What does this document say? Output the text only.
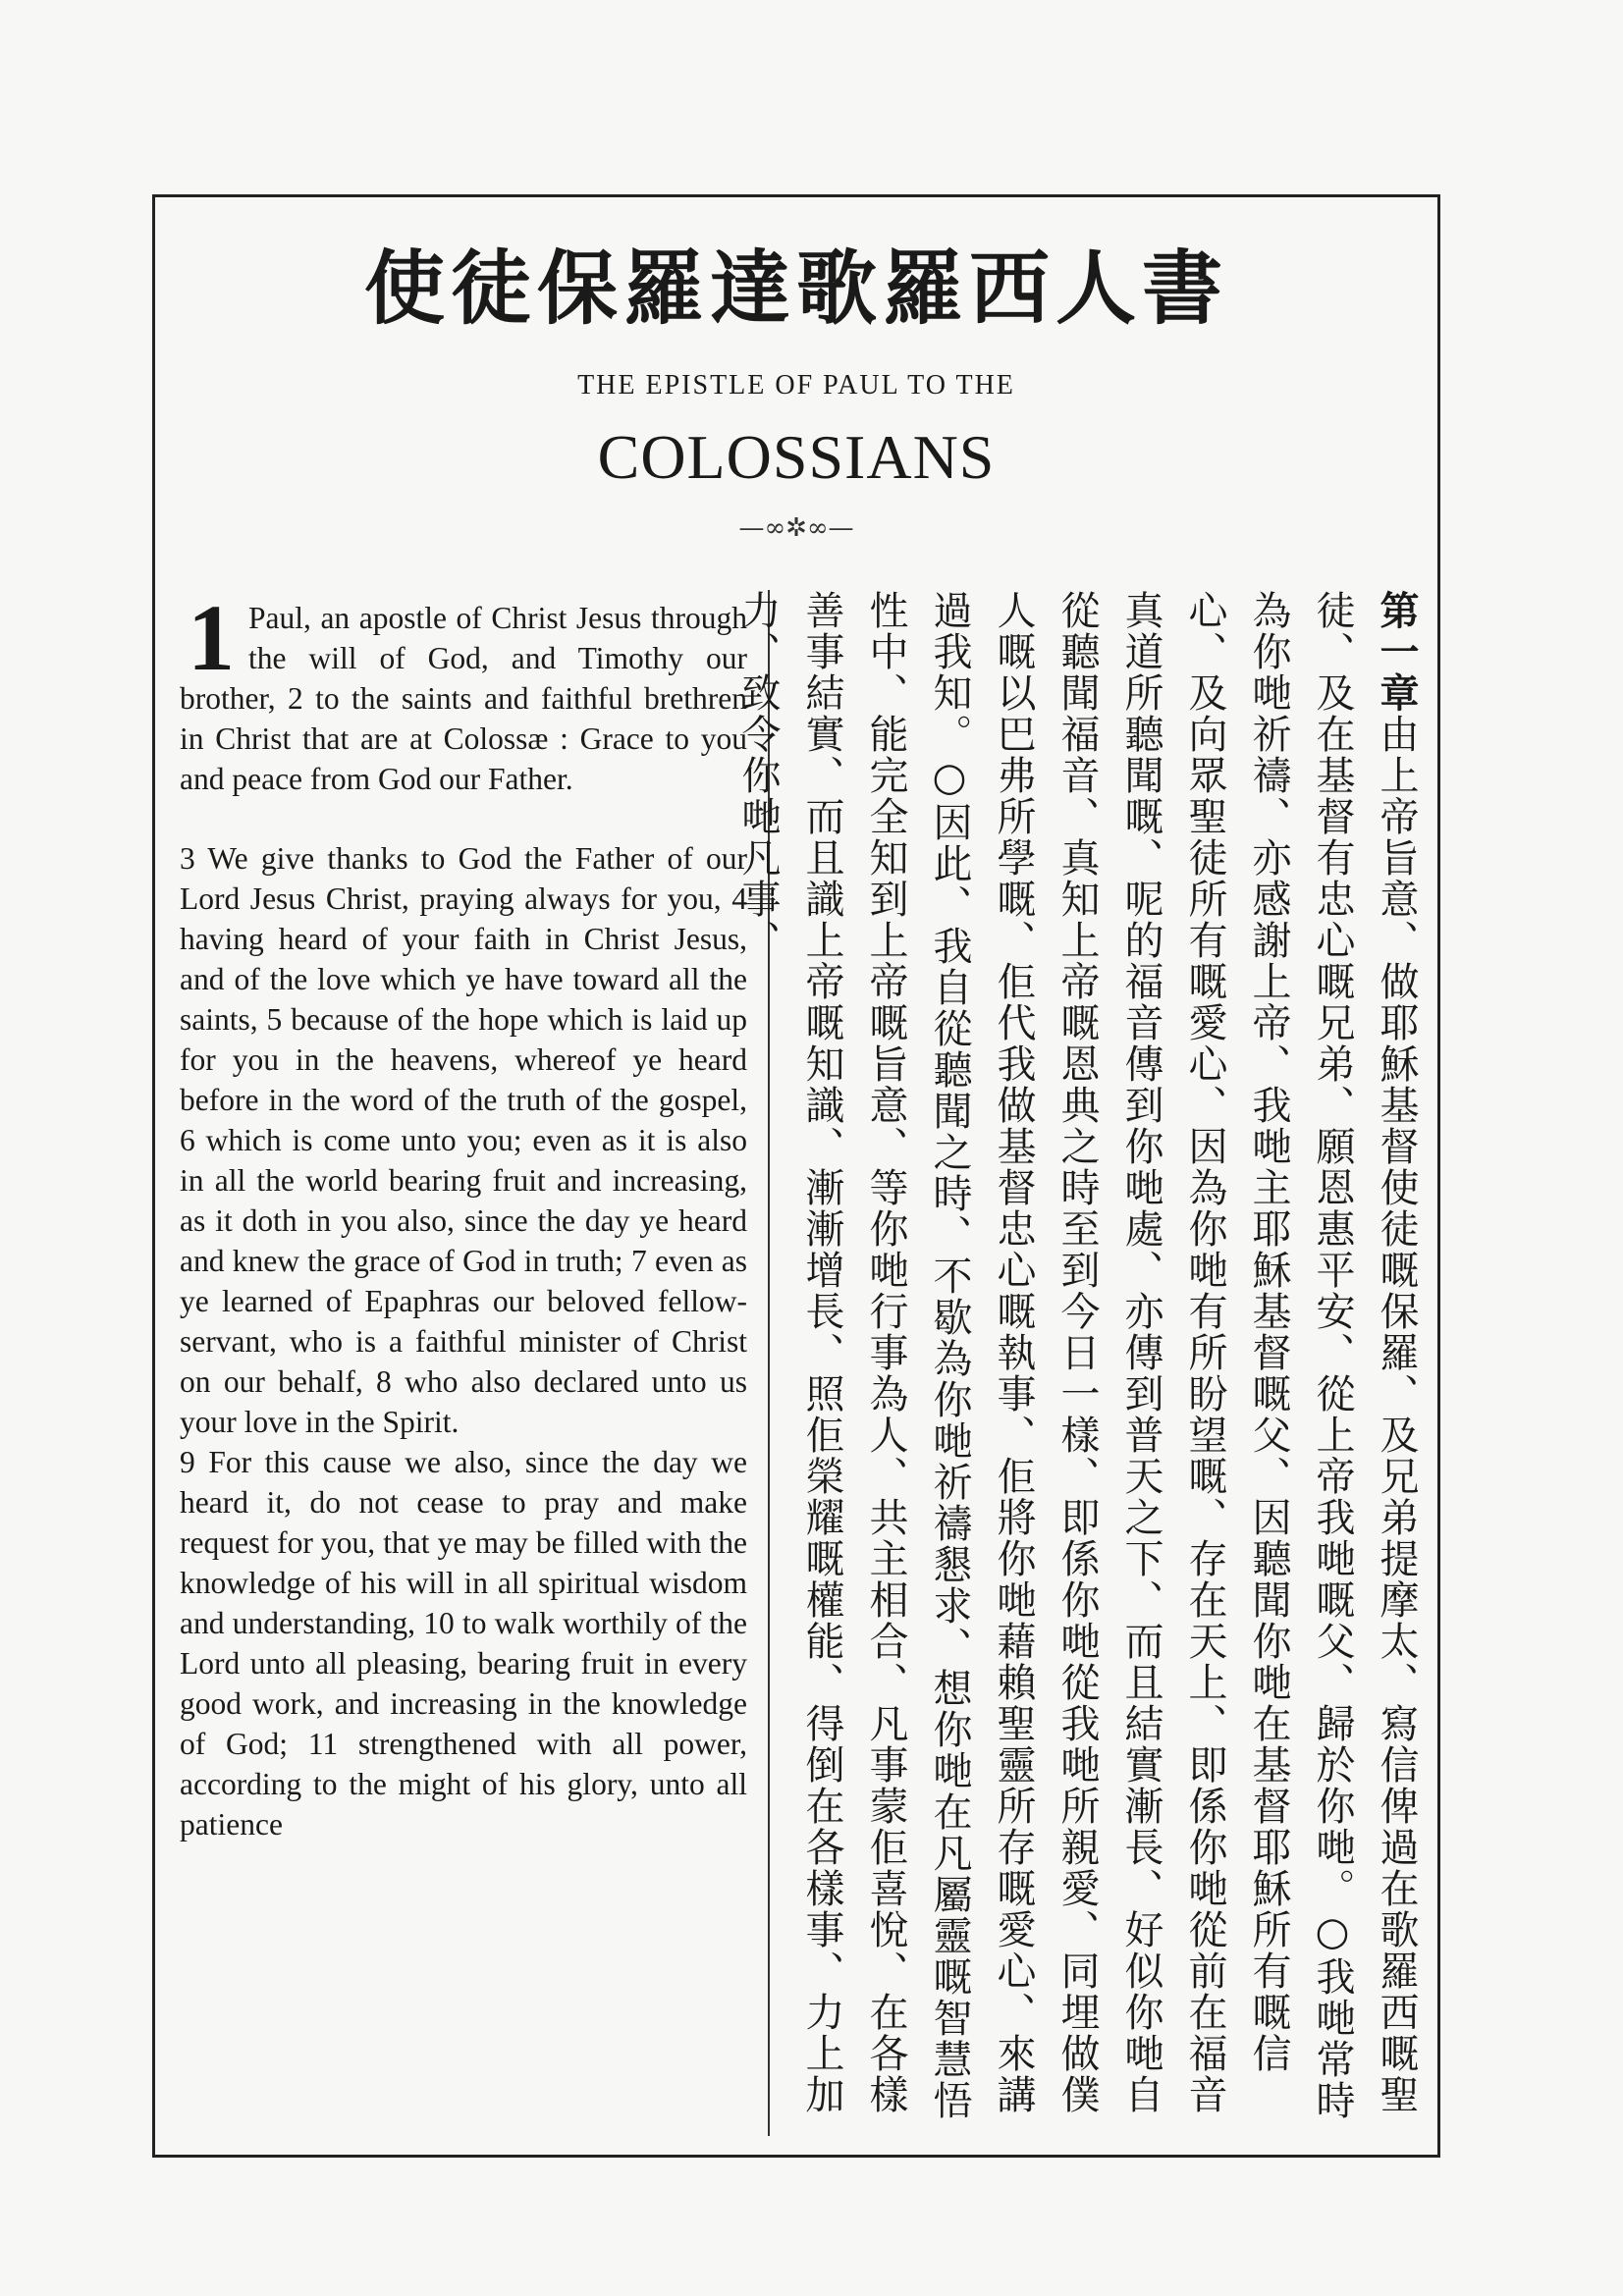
使徒保羅達歌羅西人書
THE EPISTLE OF PAUL TO THE
COLOSSIANS
—∞✲∞—

1 Paul, an apostle of Christ Jesus through the will of God, and Timothy our brother, 2 to the saints and faithful brethren in Christ that are at Colossæ : Grace to you and peace from God our Father.

3 We give thanks to God the Father of our Lord Jesus Christ, praying always for you, 4 having heard of your faith in Christ Jesus, and of the love which ye have toward all the saints, 5 because of the hope which is laid up for you in the heavens, whereof ye heard before in the word of the truth of the gospel, 6 which is come unto you; even as it is also in all the world bearing fruit and increasing, as it doth in you also, since the day ye heard and knew the grace of God in truth; 7 even as ye learned of Epaphras our beloved fellow-servant, who is a faithful minister of Christ on our behalf, 8 who also declared unto us your love in the Spirit.

9 For this cause we also, since the day we heard it, do not cease to pray and make request for you, that ye may be filled with the knowledge of his will in all spiritual wisdom and understanding, 10 to walk worthily of the Lord unto all pleasing, bearing fruit in every good work, and increasing in the knowledge of God; 11 strengthened with all power, according to the might of his glory, unto all patience

第一章由上帝旨意、做耶穌基督使徒嘅保羅、及兄弟提摩太、寫信俾過在歌羅西嘅聖徒、及在基督有忠心嘅兄弟、願恩惠平安、從上帝我哋嘅父、歸於你哋。○我哋常時為你哋祈禱、亦感謝上帝、我哋主耶穌基督嘅父、因聽聞你哋在基督耶穌所有嘅信心、及向眾聖徒所有嘅愛心、因為你哋有所盼望嘅、存在天上、即係你哋從前在福音真道所聽聞嘅、呢的福音傳到你哋處、亦傳到普天之下、而且結實漸長、好似你哋自從聽聞福音、真知上帝嘅恩典之時至到今日一樣、即係你哋從我哋所親愛、同埋做僕人嘅以巴弗所學嘅、佢代我做基督忠心嘅執事、佢將你哋藉賴聖靈所存嘅愛心、來講過我知。○因此、我自從聽聞之時、不歇為你哋祈禱懇求、想你哋在凡屬靈嘅智慧悟性中、能完全知到上帝嘅旨意、等你哋行事為人、共主相合、凡事蒙佢喜悅、在各樣善事結實、而且識上帝嘅知識、漸漸增長、照佢榮耀嘅權能、得倒在各樣事、力上加力、致令你哋凡事、
